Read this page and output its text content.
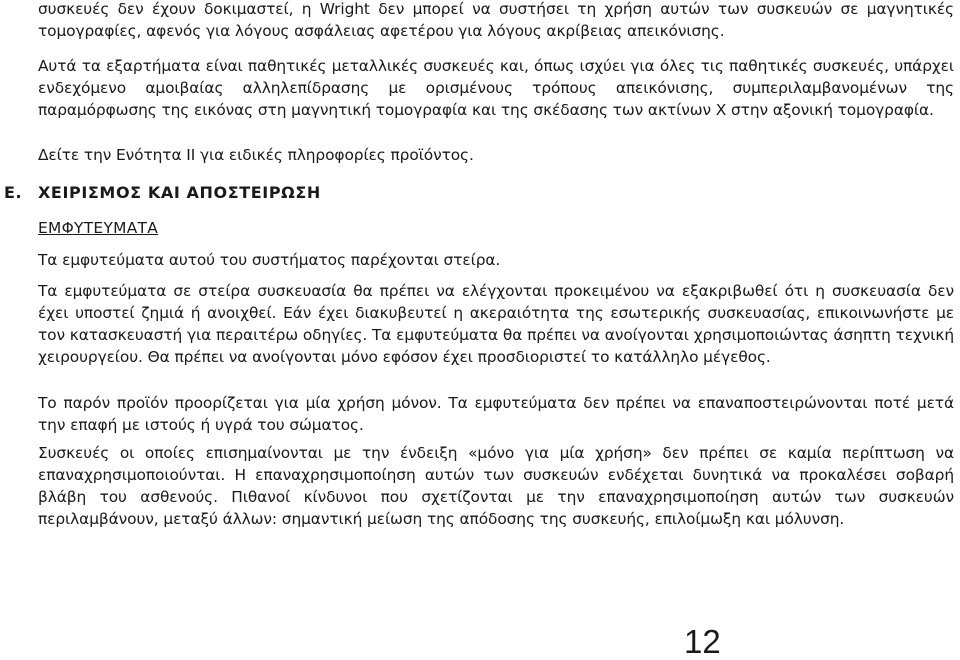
συσκευές δεν έχουν δοκιμαστεί, η Wright δεν μπορεί να συστήσει τη χρήση αυτών των συσκευών σε μαγνητικές τομογραφίες, αφενός για λόγους ασφάλειας αφετέρου για λόγους ακρίβειας απεικόνισης.

Αυτά τα εξαρτήματα είναι παθητικές μεταλλικές συσκευές και, όπως ισχύει για όλες τις παθητικές συσκευές, υπάρχει ενδεχόμενο αμοιβαίας αλληλεπίδρασης με ορισμένους τρόπους απεικόνισης, συμπεριλαμβανομένων της παραμόρφωσης της εικόνας στη μαγνητική τομογραφία και της σκέδασης των ακτίνων X στην αξονική τομογραφία.

Δείτε την Ενότητα II για ειδικές πληροφορίες προϊόντος.

E. ΧΕΙΡΙΣΜΟΣ ΚΑΙ ΑΠΟΣΤΕΙΡΩΣΗ

ΕΜΦΥΤΕΥΜΑΤΑ

Τα εμφυτεύματα αυτού του συστήματος παρέχονται στείρα.

Τα εμφυτεύματα σε στείρα συσκευασία θα πρέπει να ελέγχονται προκειμένου να εξακριβωθεί ότι η συσκευασία δεν έχει υποστεί ζημιά ή ανοιχθεί. Εάν έχει διακυβευτεί η ακεραιότητα της εσωτερικής συσκευασίας, επικοινωνήστε με τον κατασκευαστή για περαιτέρω οδηγίες. Τα εμφυτεύματα θα πρέπει να ανοίγονται χρησιμοποιώντας άσηπτη τεχνική χειρουργείου. Θα πρέπει να ανοίγονται μόνο εφόσον έχει προσδιοριστεί το κατάλληλο μέγεθος.

Το παρόν προϊόν προορίζεται για μία χρήση μόνον. Τα εμφυτεύματα δεν πρέπει να επαναποστειρώνονται ποτέ μετά την επαφή με ιστούς ή υγρά του σώματος.

Συσκευές οι οποίες επισημαίνονται με την ένδειξη «μόνο για μία χρήση» δεν πρέπει σε καμία περίπτωση να επαναχρησιμοποιούνται. Η επαναχρησιμοποίηση αυτών των συσκευών ενδέχεται δυνητικά να προκαλέσει σοβαρή βλάβη του ασθενούς. Πιθανοί κίνδυνοι που σχετίζονται με την επαναχρησιμοποίηση αυτών των συσκευών περιλαμβάνουν, μεταξύ άλλων: σημαντική μείωση της απόδοσης της συσκευής, επιλοίμωξη και μόλυνση.

12
